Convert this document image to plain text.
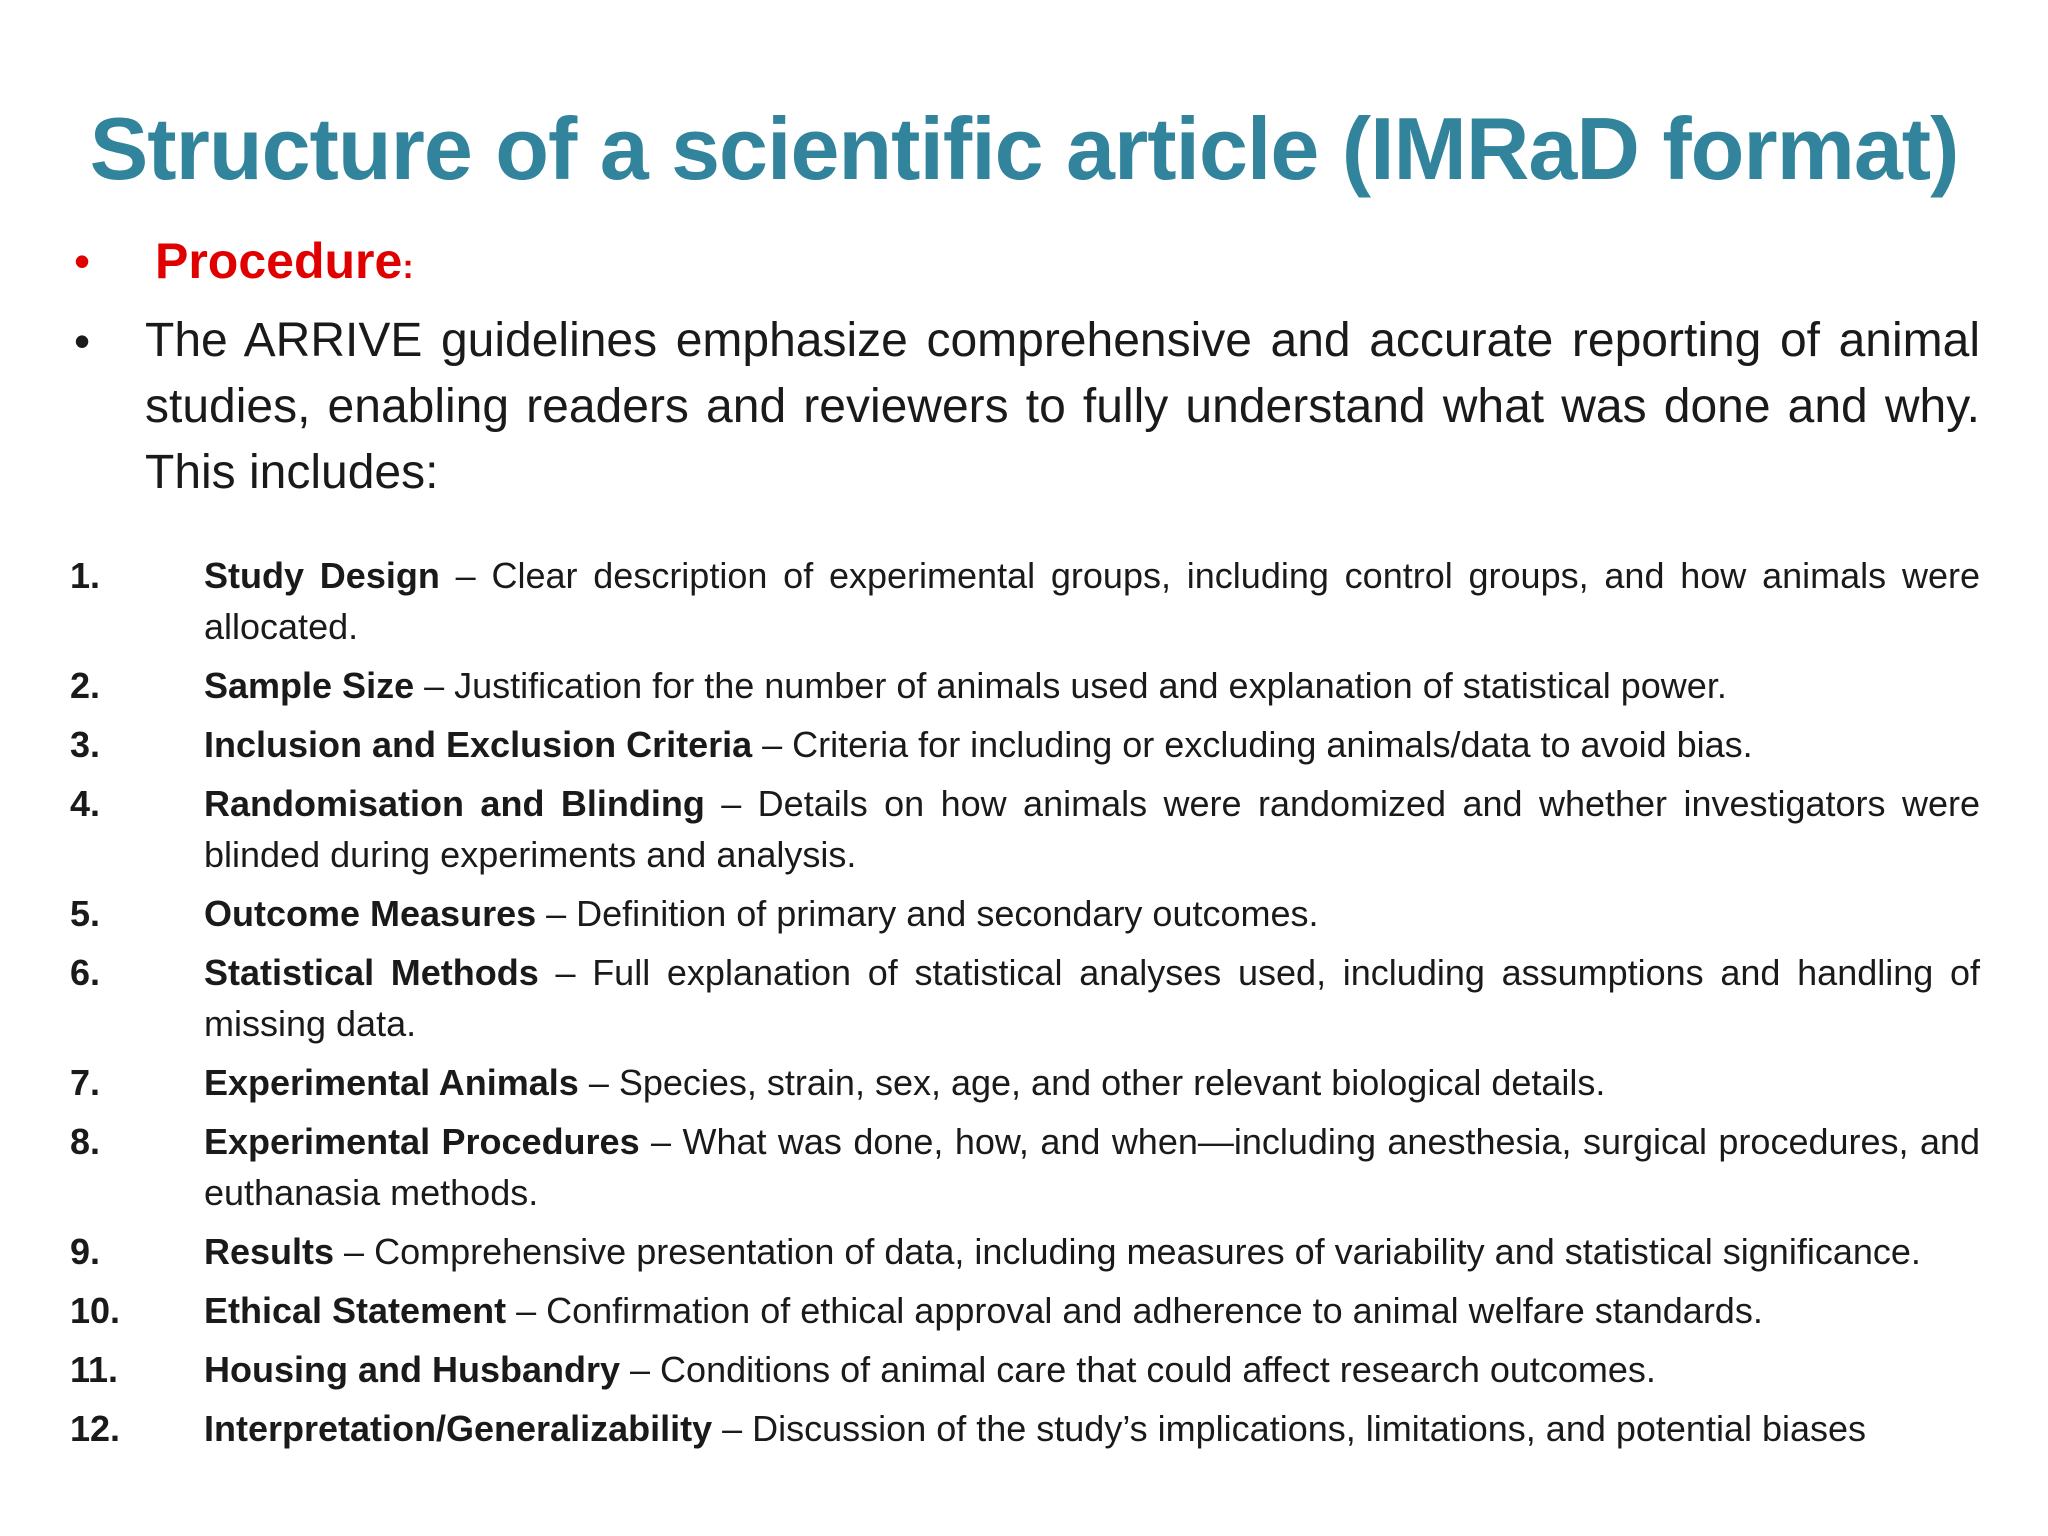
Structure of a scientific article (IMRaD format)
• Procedure:
• The ARRIVE guidelines emphasize comprehensive and accurate reporting of animal studies, enabling readers and reviewers to fully understand what was done and why. This includes:
1.	Study Design – Clear description of experimental groups, including control groups, and how animals were allocated.
2.	Sample Size – Justification for the number of animals used and explanation of statistical power.
3.	Inclusion and Exclusion Criteria – Criteria for including or excluding animals/data to avoid bias.
4.	Randomisation and Blinding – Details on how animals were randomized and whether investigators were blinded during experiments and analysis.
5.	Outcome Measures – Definition of primary and secondary outcomes.
6.	Statistical Methods – Full explanation of statistical analyses used, including assumptions and handling of missing data.
7.	Experimental Animals – Species, strain, sex, age, and other relevant biological details.
8.	Experimental Procedures – What was done, how, and when—including anesthesia, surgical procedures, and euthanasia methods.
9.	Results – Comprehensive presentation of data, including measures of variability and statistical significance.
10. Ethical Statement – Confirmation of ethical approval and adherence to animal welfare standards.
11. Housing and Husbandry – Conditions of animal care that could affect research outcomes.
12. Interpretation/Generalizability – Discussion of the study’s implications, limitations, and potential biases
